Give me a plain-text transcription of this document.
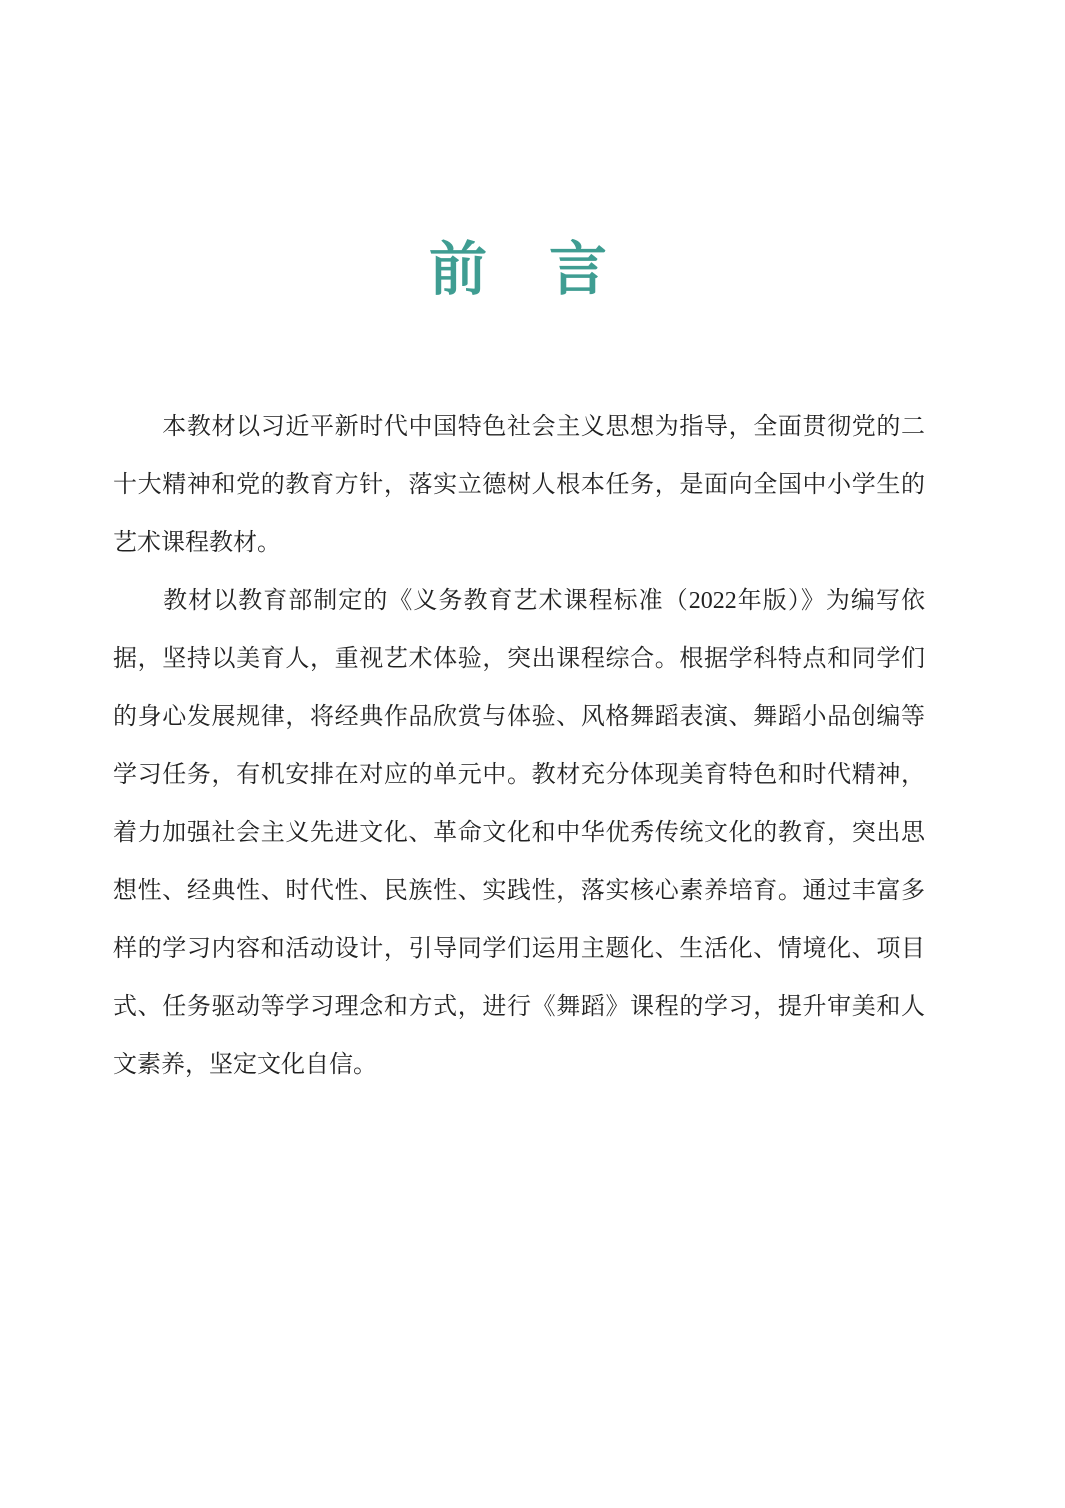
前　言
　　本教材以习近平新时代中国特色社会主义思想为指导，全面贯彻党的二
十大精神和党的教育方针，落实立德树人根本任务，是面向全国中小学生的
艺术课程教材。
　　教材以教育部制定的《义务教育艺术课程标准（2022年版）》为编写依
据，坚持以美育人，重视艺术体验，突出课程综合。根据学科特点和同学们
的身心发展规律，将经典作品欣赏与体验、风格舞蹈表演、舞蹈小品创编等
学习任务，有机安排在对应的单元中。教材充分体现美育特色和时代精神，
着力加强社会主义先进文化、革命文化和中华优秀传统文化的教育，突出思
想性、经典性、时代性、民族性、实践性，落实核心素养培育。通过丰富多
样的学习内容和活动设计，引导同学们运用主题化、生活化、情境化、项目
式、任务驱动等学习理念和方式，进行《舞蹈》课程的学习，提升审美和人
文素养，坚定文化自信。
